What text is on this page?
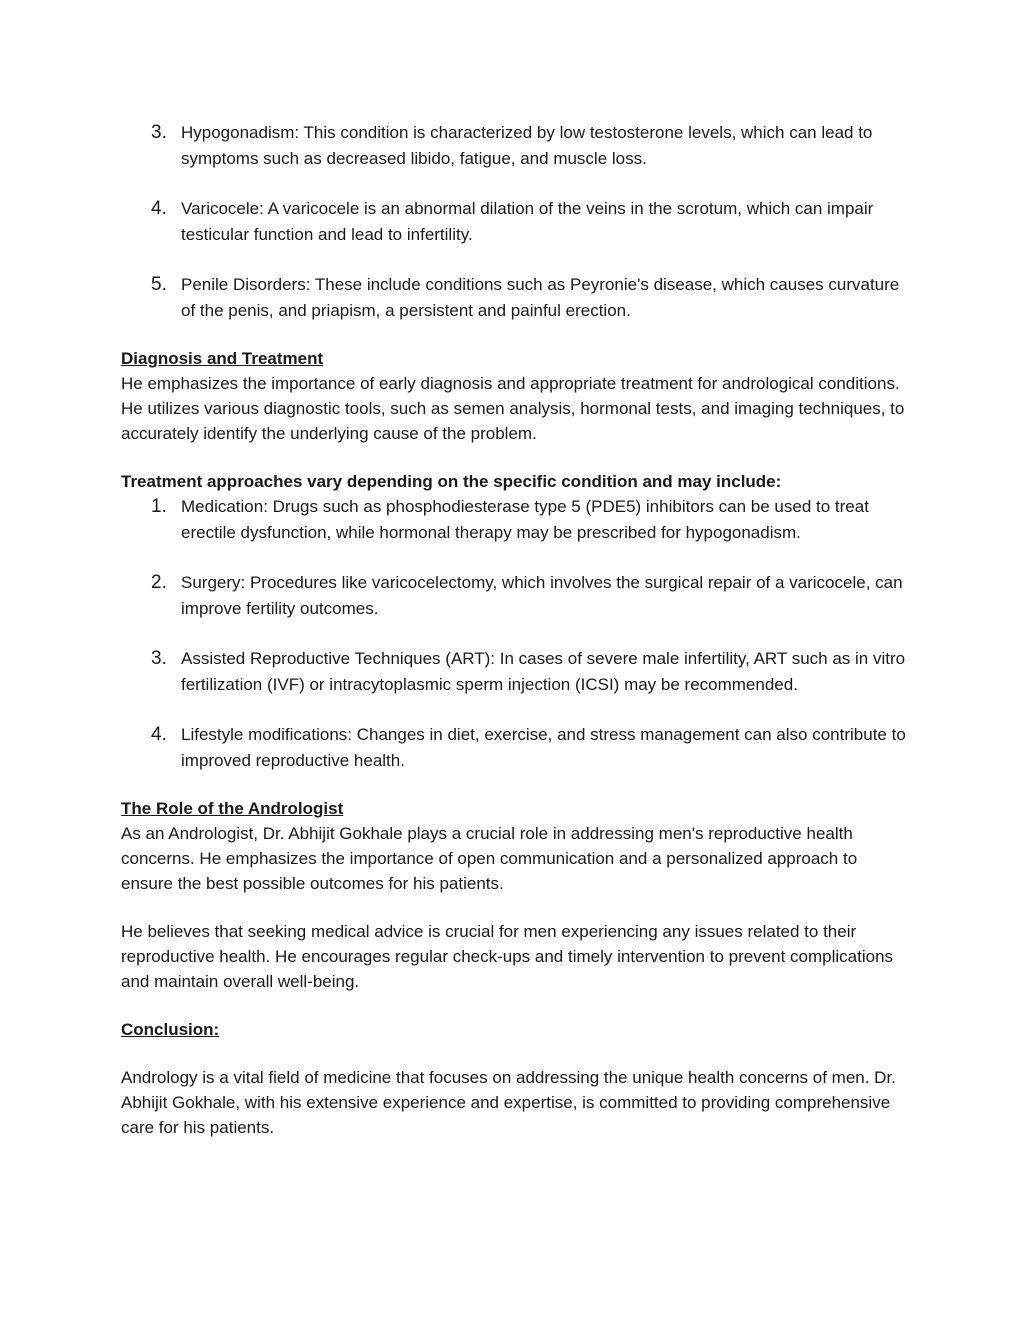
3. Hypogonadism: This condition is characterized by low testosterone levels, which can lead to symptoms such as decreased libido, fatigue, and muscle loss.
4. Varicocele: A varicocele is an abnormal dilation of the veins in the scrotum, which can impair testicular function and lead to infertility.
5. Penile Disorders: These include conditions such as Peyronie's disease, which causes curvature of the penis, and priapism, a persistent and painful erection.

Diagnosis and Treatment

He emphasizes the importance of early diagnosis and appropriate treatment for andrological conditions. He utilizes various diagnostic tools, such as semen analysis, hormonal tests, and imaging techniques, to accurately identify the underlying cause of the problem.

Treatment approaches vary depending on the specific condition and may include:

1. Medication: Drugs such as phosphodiesterase type 5 (PDE5) inhibitors can be used to treat erectile dysfunction, while hormonal therapy may be prescribed for hypogonadism.
2. Surgery: Procedures like varicocelectomy, which involves the surgical repair of a varicocele, can improve fertility outcomes.
3. Assisted Reproductive Techniques (ART): In cases of severe male infertility, ART such as in vitro fertilization (IVF) or intracytoplasmic sperm injection (ICSI) may be recommended.
4. Lifestyle modifications: Changes in diet, exercise, and stress management can also contribute to improved reproductive health.

The Role of the Andrologist

As an Andrologist, Dr. Abhijit Gokhale plays a crucial role in addressing men's reproductive health concerns. He emphasizes the importance of open communication and a personalized approach to ensure the best possible outcomes for his patients.

He believes that seeking medical advice is crucial for men experiencing any issues related to their reproductive health. He encourages regular check-ups and timely intervention to prevent complications and maintain overall well-being.

Conclusion:

Andrology is a vital field of medicine that focuses on addressing the unique health concerns of men. Dr. Abhijit Gokhale, with his extensive experience and expertise, is committed to providing comprehensive care for his patients.
